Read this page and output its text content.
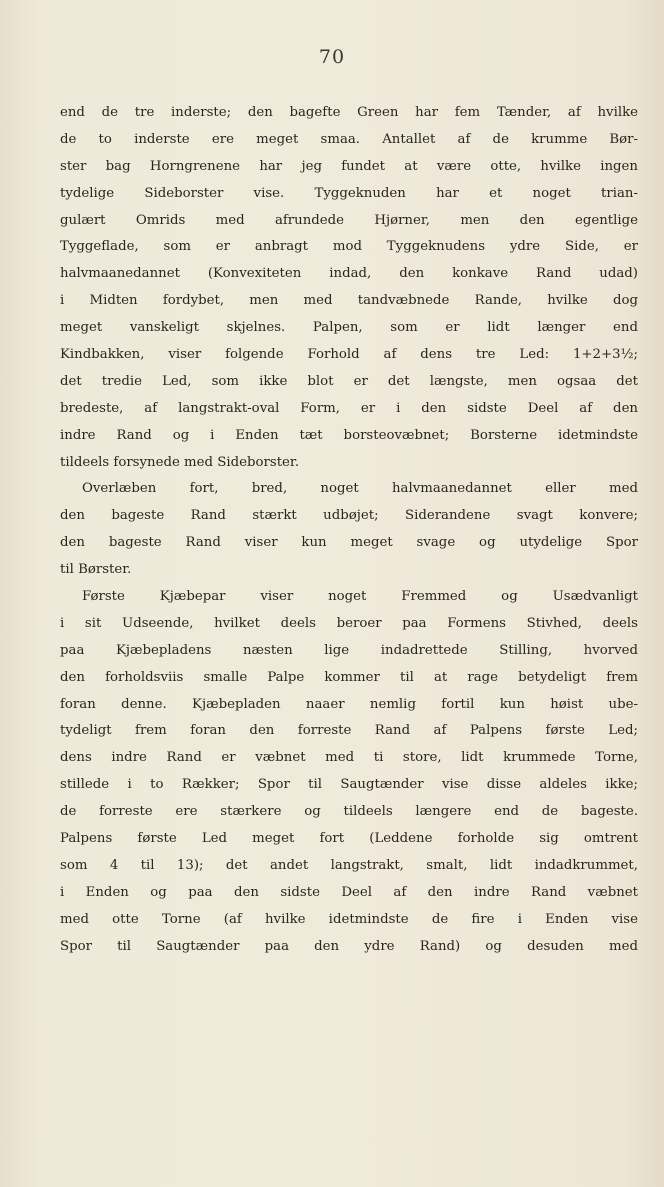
70
end de tre inderste; den bagefte Green har fem Tænder, af hvilke
de to inderste ere meget smaa. Antallet af de krumme Bør-
ster bag Horngrenene har jeg fundet at være otte, hvilke ingen
tydelige Sideborster vise. Tyggeknuden har et noget trian-
gulært Omrids med afrundede Hjørner, men den egentlige
Tyggeflade, som er anbragt mod Tyggeknudens ydre Side, er
halvmaanedannet (Konvexiteten indad, den konkave Rand udad)
i Midten fordybet, men med tandvæbnede Rande, hvilke dog
meget vanskeligt skjelnes. Palpen, som er lidt længer end
Kindbakken, viser folgende Forhold af dens tre Led: 1+2+3½;
det tredie Led, som ikke blot er det længste, men ogsaa det
bredeste, af langstrakt-oval Form, er i den sidste Deel af den
indre Rand og i Enden tæt borsteovæbnet; Borsterne idetmindste
tildeels forsynede med Sideborster.
Overlæben fort, bred, noget halvmaanedannet eller med
den bageste Rand stærkt udbøjet; Siderandene svagt konvere;
den bageste Rand viser kun meget svage og utydelige Spor
til Børster.
Første Kjæbepar viser noget Fremmed og Usædvanligt
i sit Udseende, hvilket deels beroer paa Formens Stivhed, deels
paa Kjæbepladens næsten lige indadrettede Stilling, hvorved
den forholdsviis smalle Palpe kommer til at rage betydeligt frem
foran denne. Kjæbepladen naaer nemlig fortil kun høist ube-
tydeligt frem foran den forreste Rand af Palpens første Led;
dens indre Rand er væbnet med ti store, lidt krummede Torne,
stillede i to Rækker; Spor til Saugtænder vise disse aldeles ikke;
de forreste ere stærkere og tildeels længere end de bageste.
Palpens første Led meget fort (Leddene forholde sig omtrent
som 4 til 13); det andet langstrakt, smalt, lidt indadkrummet,
i Enden og paa den sidste Deel af den indre Rand væbnet
med otte Torne (af hvilke idetmindste de fire i Enden vise
Spor til Saugtænder paa den ydre Rand) og desuden med
